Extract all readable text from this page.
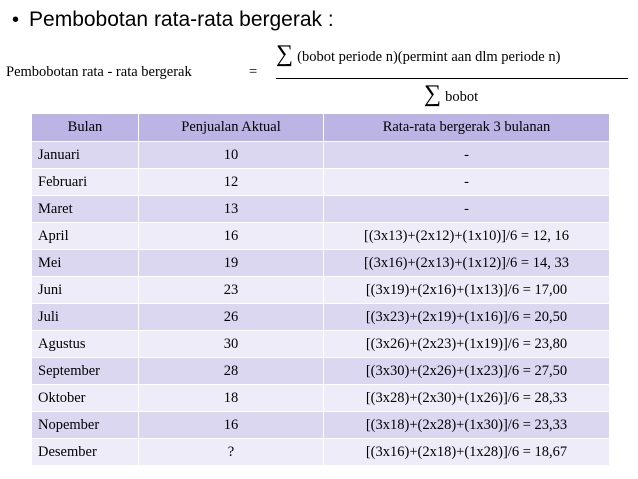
• Pembobotan rata-rata bergerak :
Pembobotan rata - rata bergerak	=
∑ (bobot periode n)(permint aan dlm periode n)
∑ bobot
Bulan	Penjualan Aktual	Rata-rata bergerak 3 bulanan
Januari	10	-
Februari	12	-
Maret	13	-
April	16	[(3x13)+(2x12)+(1x10)]/6 = 12, 16
Mei	19	[(3x16)+(2x13)+(1x12)]/6 = 14, 33
Juni	23	[(3x19)+(2x16)+(1x13)]/6 = 17,00
Juli	26	[(3x23)+(2x19)+(1x16)]/6 = 20,50
Agustus	30	[(3x26)+(2x23)+(1x19)]/6 = 23,80
September	28	[(3x30)+(2x26)+(1x23)]/6 = 27,50
Oktober	18	[(3x28)+(2x30)+(1x26)]/6 = 28,33
Nopember	16	[(3x18)+(2x28)+(1x30)]/6 = 23,33
Desember	?	[(3x16)+(2x18)+(1x28)]/6 = 18,67
